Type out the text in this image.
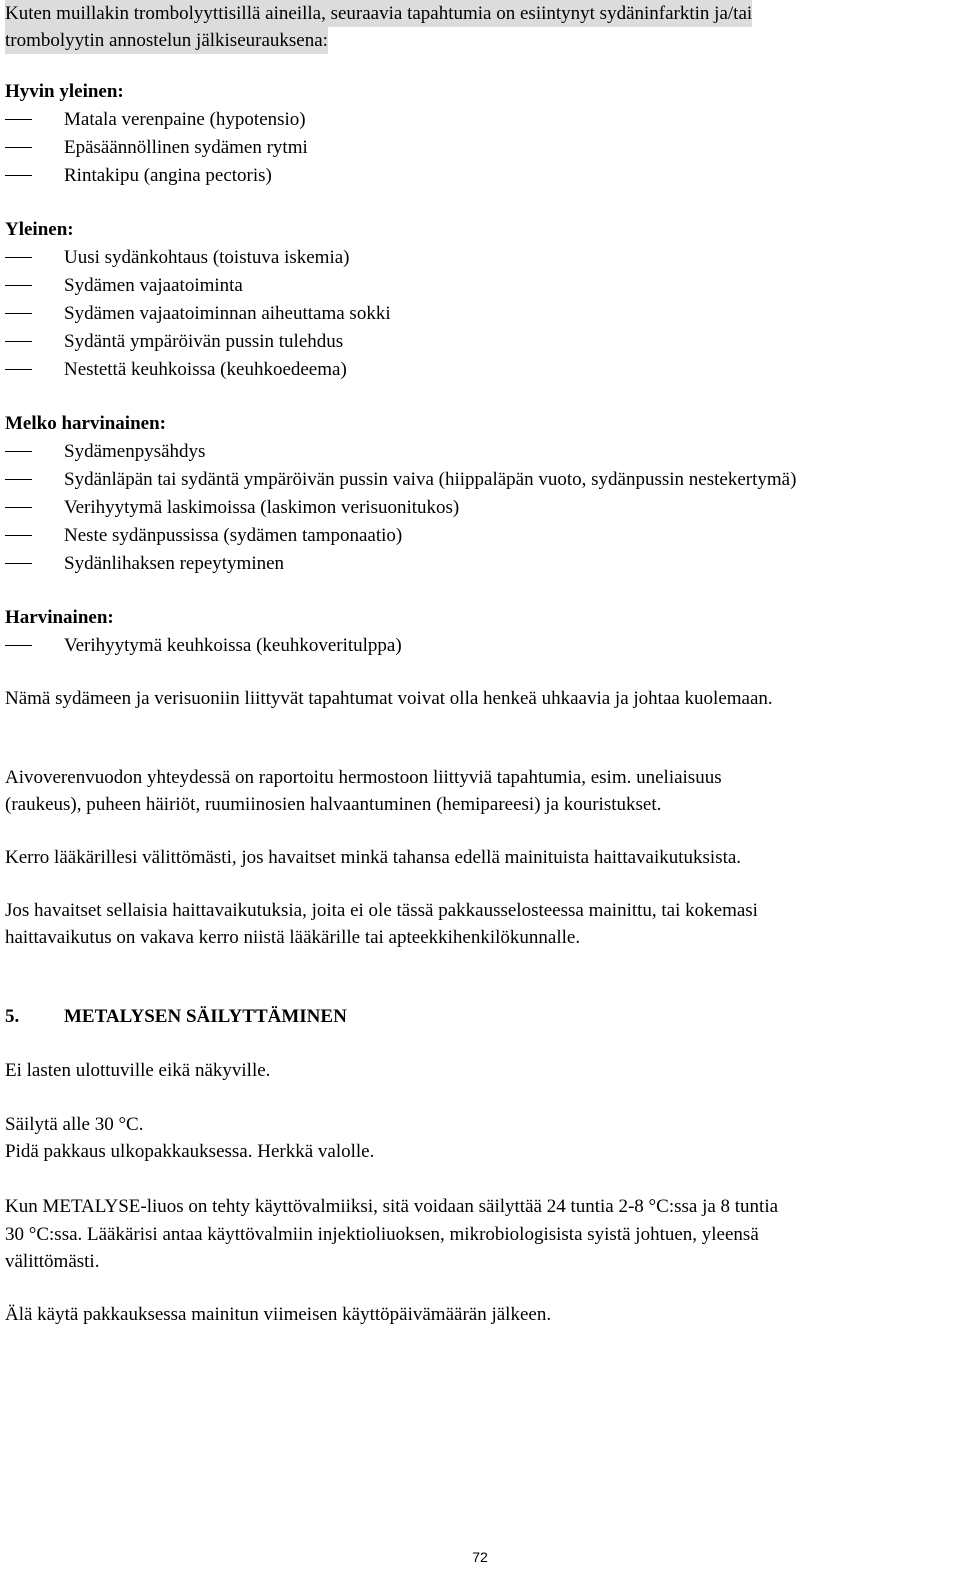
Kuten muillakin trombolyyttisillä aineilla, seuraavia tapahtumia on esiintynyt sydäninfarktin ja/tai
trombolyytin annostelun jälkiseurauksena:
Hyvin yleinen:
Matala verenpaine (hypotensio)
Epäsäännöllinen sydämen rytmi
Rintakipu (angina pectoris)
Yleinen:
Uusi sydänkohtaus (toistuva iskemia)
Sydämen vajaatoiminta
Sydämen vajaatoiminnan aiheuttama sokki
Sydäntä ympäröivän pussin tulehdus
Nestettä keuhkoissa (keuhkoedeema)
Melko harvinainen:
Sydämenpysähdys
Sydänläpän tai sydäntä ympäröivän pussin vaiva (hiippaläpän vuoto, sydänpussin nestekertymä)
Verihyytymä laskimoissa (laskimon verisuonitukos)
Neste sydänpussissa (sydämen tamponaatio)
Sydänlihaksen repeytyminen
Harvinainen:
Verihyytymä keuhkoissa (keuhkoveritulppa)
Nämä sydämeen ja verisuoniin liittyvät tapahtumat voivat olla henkeä uhkaavia ja johtaa kuolemaan.
Aivoverenvuodon yhteydessä on raportoitu hermostoon liittyviä tapahtumia, esim. uneliaisuus
(raukeus), puheen häiriöt, ruumiinosien halvaantuminen (hemipareesi) ja kouristukset.
Kerro lääkärillesi välittömästi, jos havaitset minkä tahansa edellä mainituista haittavaikutuksista.
Jos havaitset sellaisia haittavaikutuksia, joita ei ole tässä pakkausselosteessa mainittu, tai kokemasi
haittavaikutus on vakava kerro niistä lääkärille tai apteekkihenkilökunnalle.
5. METALYSEN SÄILYTTÄMINEN
Ei lasten ulottuville eikä näkyville.
Säilytä alle 30 °C.
Pidä pakkaus ulkopakkauksessa. Herkkä valolle.
Kun METALYSE-liuos on tehty käyttövalmiiksi, sitä voidaan säilyttää 24 tuntia 2-8 °C:ssa ja 8 tuntia
30 °C:ssa. Lääkärisi antaa käyttövalmiin injektioliuoksen, mikrobiologisista syistä johtuen, yleensä
välittömästi.
Älä käytä pakkauksessa mainitun viimeisen käyttöpäivämäärän jälkeen.
72
